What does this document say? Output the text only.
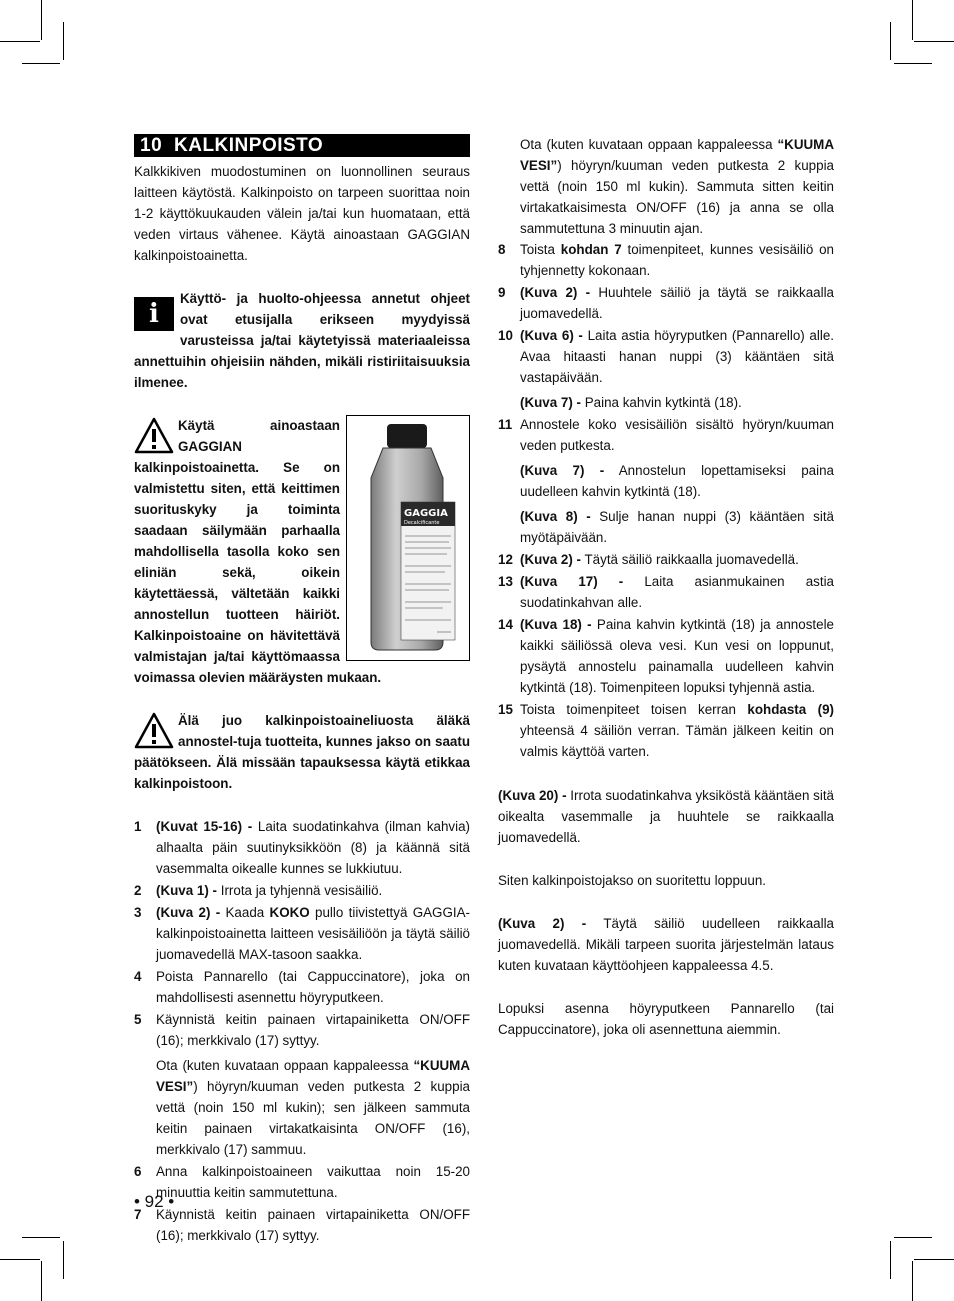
10 KALKINPOISTO

Kalkkikiven muodostuminen on luonnollinen seuraus laitteen käytöstä. Kalkinpoisto on tarpeen suorittaa noin 1-2 käyttökuukauden välein ja/tai kun huomataan, että veden virtaus vähenee. Käytä ainoastaan GAGGIAN kalkinpoistoainetta.

i

Käyttö- ja huolto-ohjeessa annetut ohjeet ovat etusijalla erikseen myydyissä varusteissa ja/tai käytetyissä materiaaleissa annettuihin ohjeisiin nähden, mikäli ristiriitaisuuksia ilmenee.

GAGGIA
Decalcificante

Käytä ainoastaan GAGGIAN kalkinpoistoainetta. Se on valmistettu siten, että keittimen suorituskyky ja toiminta saadaan säilymään parhaalla mahdollisella tasolla koko sen eliniän sekä, oikein käytettäessä, vältetään kaikki annostellun tuotteen häiriöt. Kalkinpoistoaine on hävitettävä valmistajan ja/tai käyttömaassa voimassa olevien määräysten mukaan.

Älä juo kalkinpoistoaineliuosta äläkä annostel-tuja tuotteita, kunnes jakso on saatu päätökseen. Älä missään tapauksessa käytä etikkaa kalkinpoistoon.

1 (Kuvat 15-16) - Laita suodatinkahva (ilman kahvia) alhaalta päin suutinyksikköön (8) ja käännä sitä vasemmalta oikealle kunnes se lukkiutuu.
2 (Kuva 1) - Irrota ja tyhjennä vesisäiliö.
3 (Kuva 2) - Kaada KOKO pullo tiivistettyä GAGGIA-kalkinpoistoainetta laitteen vesisäiliöön ja täytä säiliö juomavedellä MAX-tasoon saakka.
4 Poista Pannarello (tai Cappuccinatore), joka on mahdollisesti asennettu höyryputkeen.
5 Käynnistä keitin painaen virtapainiketta ON/OFF (16); merkkivalo (17) syttyy.

Ota (kuten kuvataan oppaan kappaleessa “KUUMA VESI”) höyryn/kuuman veden putkesta 2 kuppia vettä (noin 150 ml kukin); sen jälkeen sammuta keitin painaen virtakatkaisinta ON/OFF (16), merkkivalo (17) sammuu.

6 Anna kalkinpoistoaineen vaikuttaa noin 15-20 minuuttia keitin sammutettuna.
7 Käynnistä keitin painaen virtapainiketta ON/OFF (16); merkkivalo (17) syttyy.

Ota (kuten kuvataan oppaan kappaleessa “KUUMA VESI”) höyryn/kuuman veden putkesta 2 kuppia vettä (noin 150 ml kukin). Sammuta sitten keitin virtakatkaisimesta ON/OFF (16) ja anna se olla sammutettuna 3 minuutin ajan.

8 Toista kohdan 7 toimenpiteet, kunnes vesisäiliö on tyhjennetty kokonaan.
9 (Kuva 2) - Huuhtele säiliö ja täytä se raikkaalla juomavedellä.
10 (Kuva 6) - Laita astia höyryputken (Pannarello) alle. Avaa hitaasti hanan nuppi (3) kääntäen sitä vastapäivään.

(Kuva 7) - Paina kahvin kytkintä (18).

11 Annostele koko vesisäiliön sisältö hyöryn/kuuman veden putkesta.

(Kuva 7) - Annostelun lopettamiseksi paina uudelleen kahvin kytkintä (18).

(Kuva 8) - Sulje hanan nuppi (3) kääntäen sitä myötäpäivään.

12 (Kuva 2) - Täytä säiliö raikkaalla juomavedellä.
13 (Kuva 17) - Laita asianmukainen astia suodatinkahvan alle.
14 (Kuva 18) - Paina kahvin kytkintä (18) ja annostele kaikki säiliössä oleva vesi. Kun vesi on loppunut, pysäytä annostelu painamalla uudelleen kahvin kytkintä (18). Toimenpiteen lopuksi tyhjennä astia.
15 Toista toimenpiteet toisen kerran kohdasta (9) yhteensä 4 säiliön verran. Tämän jälkeen keitin on valmis käyttöä varten.

(Kuva 20) - Irrota suodatinkahva yksiköstä kääntäen sitä oikealta vasemmalle ja huuhtele se raikkaalla juomavedellä.

Siten kalkinpoistojakso on suoritettu loppuun.

(Kuva 2) - Täytä säiliö uudelleen raikkaalla juomavedellä. Mikäli tarpeen suorita järjestelmän lataus kuten kuvataan käyttöohjeen kappaleessa 4.5.

Lopuksi asenna höyryputkeen Pannarello (tai Cappuccinatore), joka oli asennettuna aiemmin.

• 92 •
